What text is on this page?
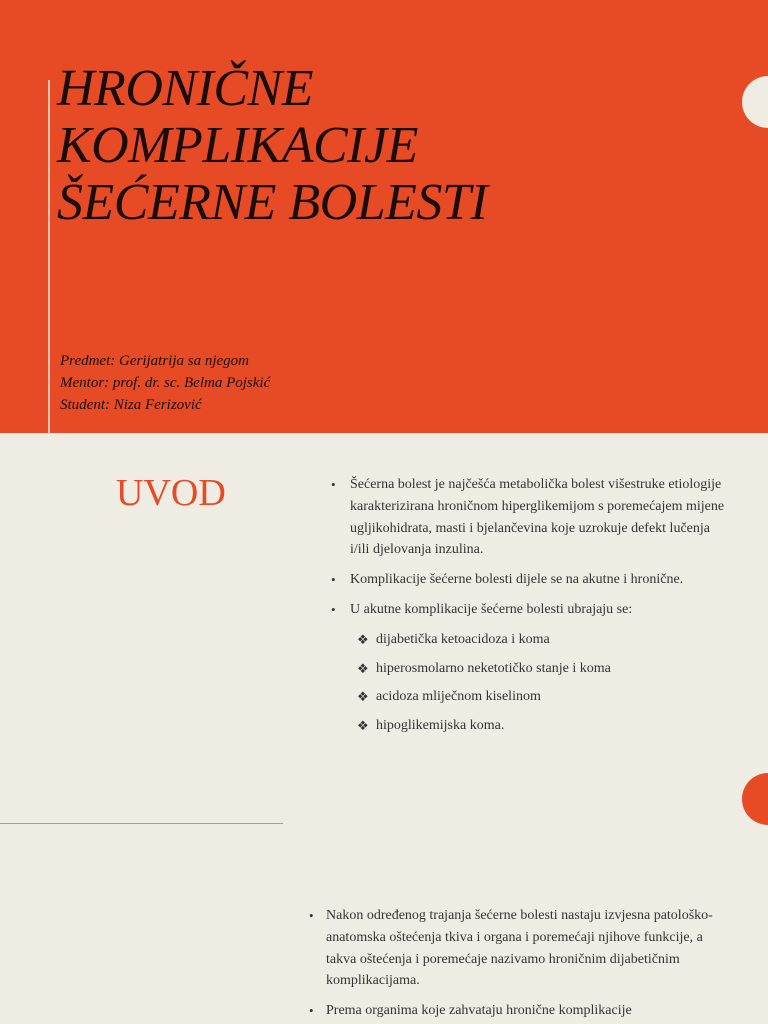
HRONIČNE
KOMPLIKACIJE
ŠEĆERNE BOLESTI
Predmet: Gerijatrija sa njegom
Mentor: prof. dr. sc. Belma Pojskić
Student: Niza Ferizović
UVOD	• Šećerna bolest je najčešća metabolička bolest višestruke etiologije karakterizirana hroničnom hiperglikemijom s poremećajem mijene ugljikohidrata, masti i bjelančevina koje uzrokuje defekt lučenja i/ili djelovanja inzulina.
• Komplikacije šećerne bolesti dijele se na akutne i hronične.
• U akutne komplikacije šećerne bolesti ubrajaju se:
❖ dijabetička ketoacidoza i koma
❖ hiperosmolarno neketotičko stanje i koma
❖ acidoza mliječnom kiselinom
❖ hipoglikemijska koma.
• Nakon određenog trajanja šećerne bolesti nastaju izvjesna patološko-anatomska oštećenja tkiva i organa i poremećaji njihove funkcije, a takva oštećenja i poremećaje nazivamo hroničnim dijabetičnim komplikacijama.
• Prema organima koje zahvataju hronične komplikacije
